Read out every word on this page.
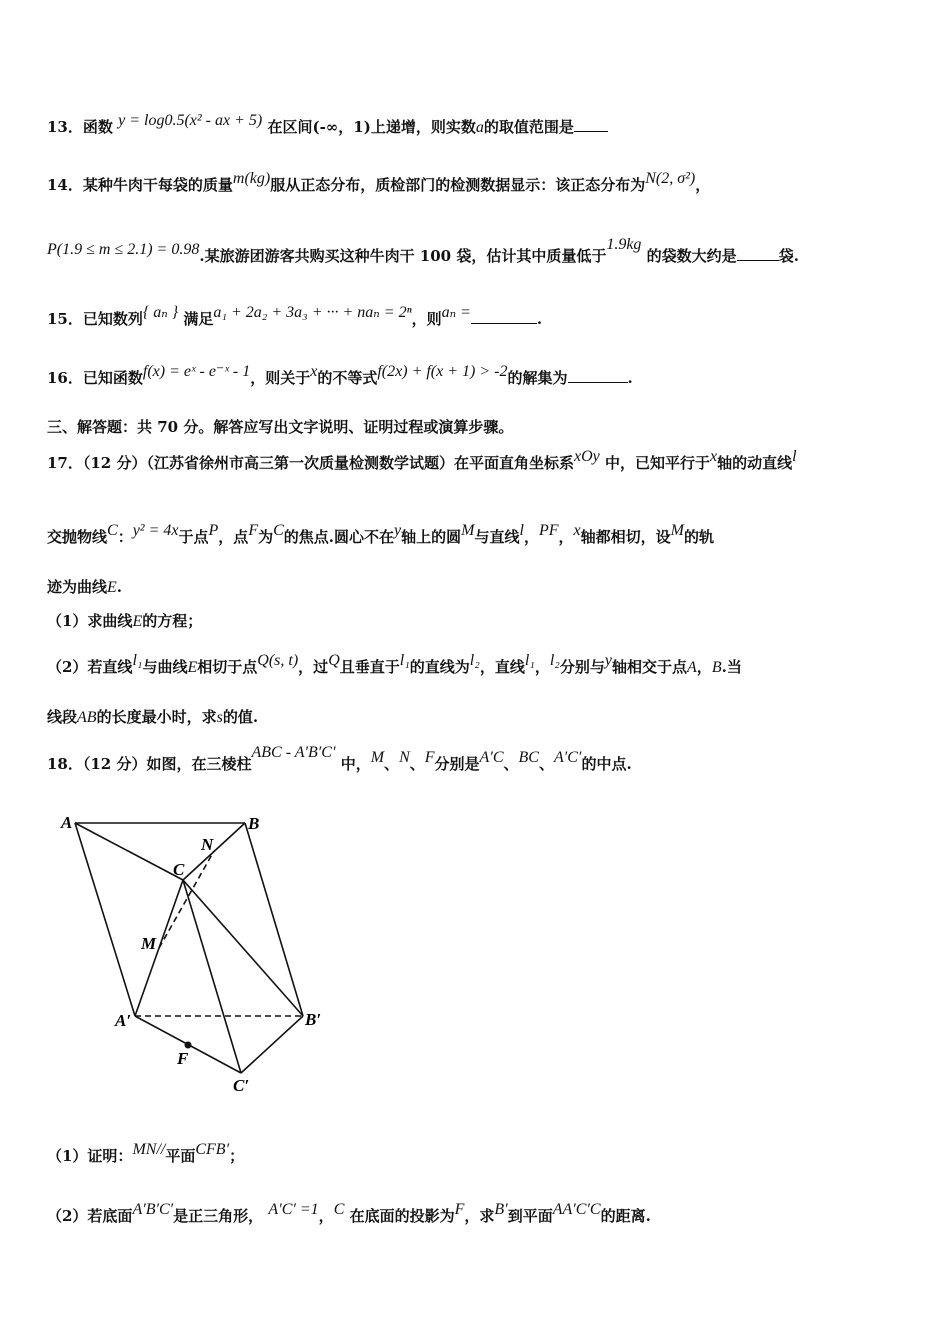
13．函数 y = log0.5(x² - ax + 5) 在区间(-∞，1)上递增，则实数a的取值范围是
14．某种牛肉干每袋的质量m(kg)服从正态分布，质检部门的检测数据显示：该正态分布为N(2, σ²)，
P(1.9 ≤ m ≤ 2.1) = 0.98.某旅游团游客共购买这种牛肉干 100 袋，估计其中质量低于1.9kg 的袋数大约是	袋.
15．已知数列{ aₙ } 满足a₁ + 2a₂ + 3a₃ + ··· + naₙ = 2ⁿ，则aₙ =	.
16．已知函数f(x) = eˣ - e⁻ˣ - 1，则关于x的不等式f(2x) + f(x + 1) > -2的解集为	.
三、解答题：共 70 分。解答应写出文字说明、证明过程或演算步骤。
17．（12 分）（江苏省徐州市高三第一次质量检测数学试题）在平面直角坐标系xOy 中，已知平行于x轴的动直线l
交抛物线C：y² = 4x于点P，点F为C的焦点.圆心不在y轴上的圆M与直线l，PF，x轴都相切，设M的轨
迹为曲线E.
（1）求曲线E的方程；
（2）若直线l₁与曲线E相切于点Q(s, t)，过Q且垂直于l₁的直线为l₂，直线l₁，l₂分别与y轴相交于点A，B.当
线段AB的长度最小时，求s的值.
18．（12 分）如图，在三棱柱ABC - A′B′C′ 中，M、N、F分别是A′C、BC、A′C′的中点.
A	B
C
N
M
A′	B′
F
C′
（1）证明：MN//平面CFB′；
（2）若底面A′B′C′是正三角形， A′C′ =1，C 在底面的投影为F，求B′到平面AA′C′C的距离.
